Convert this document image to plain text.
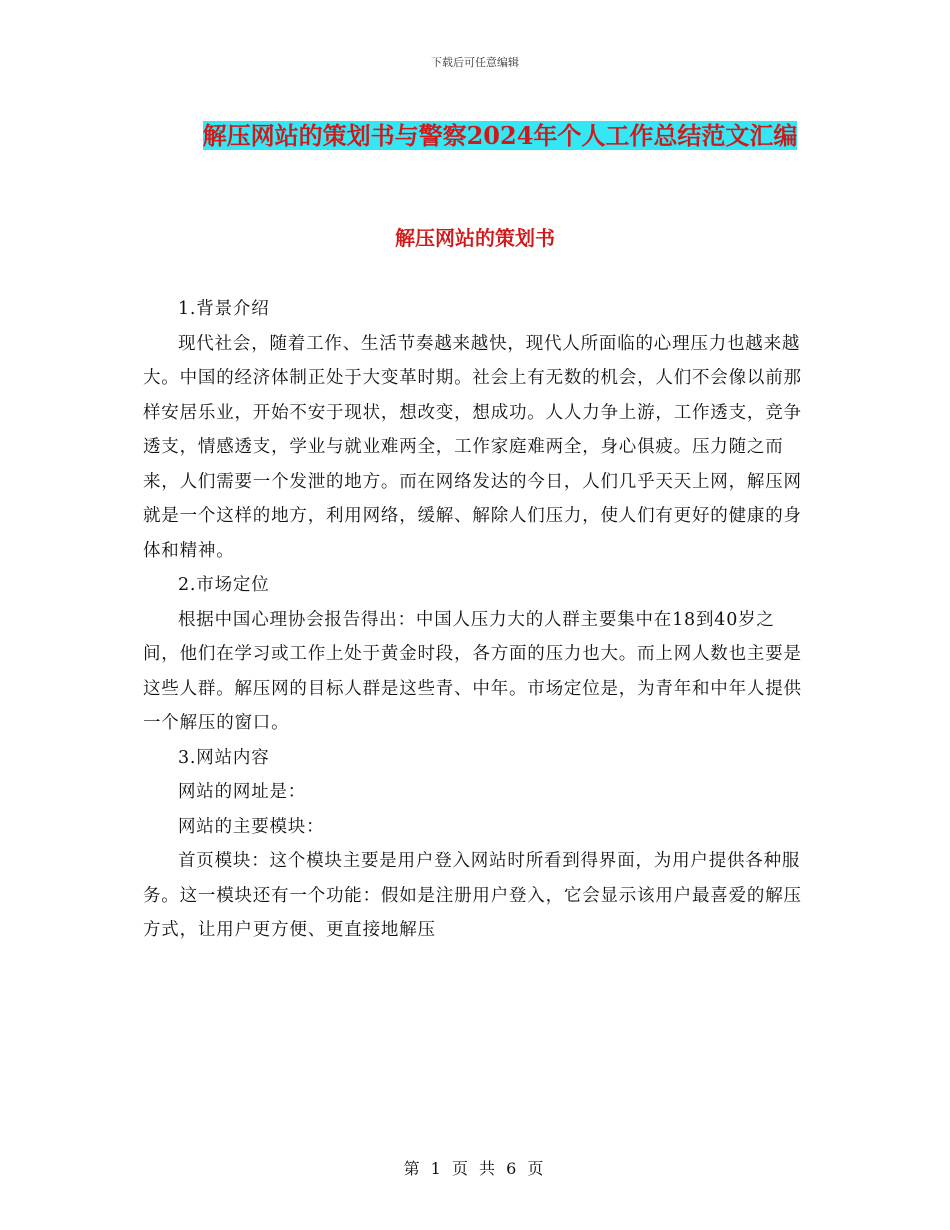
下载后可任意编辑
解压网站的策划书与警察2024年个人工作总结范文汇编
解压网站的策划书

1.背景介绍

现代社会，随着工作、生活节奏越来越快，现代人所面临的心理压力也越来越大。中国的经济体制正处于大变革时期。社会上有无数的机会，人们不会像以前那样安居乐业，开始不安于现状，想改变，想成功。人人力争上游，工作透支，竞争透支，情感透支，学业与就业难两全，工作家庭难两全，身心俱疲。压力随之而来，人们需要一个发泄的地方。而在网络发达的今日，人们几乎天天上网，解压网就是一个这样的地方，利用网络，缓解、解除人们压力，使人们有更好的健康的身体和精神。

2.市场定位

根据中国心理协会报告得出：中国人压力大的人群主要集中在18到40岁之间，他们在学习或工作上处于黄金时段，各方面的压力也大。而上网人数也主要是这些人群。解压网的目标人群是这些青、中年。市场定位是，为青年和中年人提供一个解压的窗口。

3.网站内容

网站的网址是：

网站的主要模块：

首页模块：这个模块主要是用户登入网站时所看到得界面，为用户提供各种服务。这一模块还有一个功能：假如是注册用户登入，它会显示该用户最喜爱的解压方式，让用户更方便、更直接地解压

第 1 页 共 6 页
